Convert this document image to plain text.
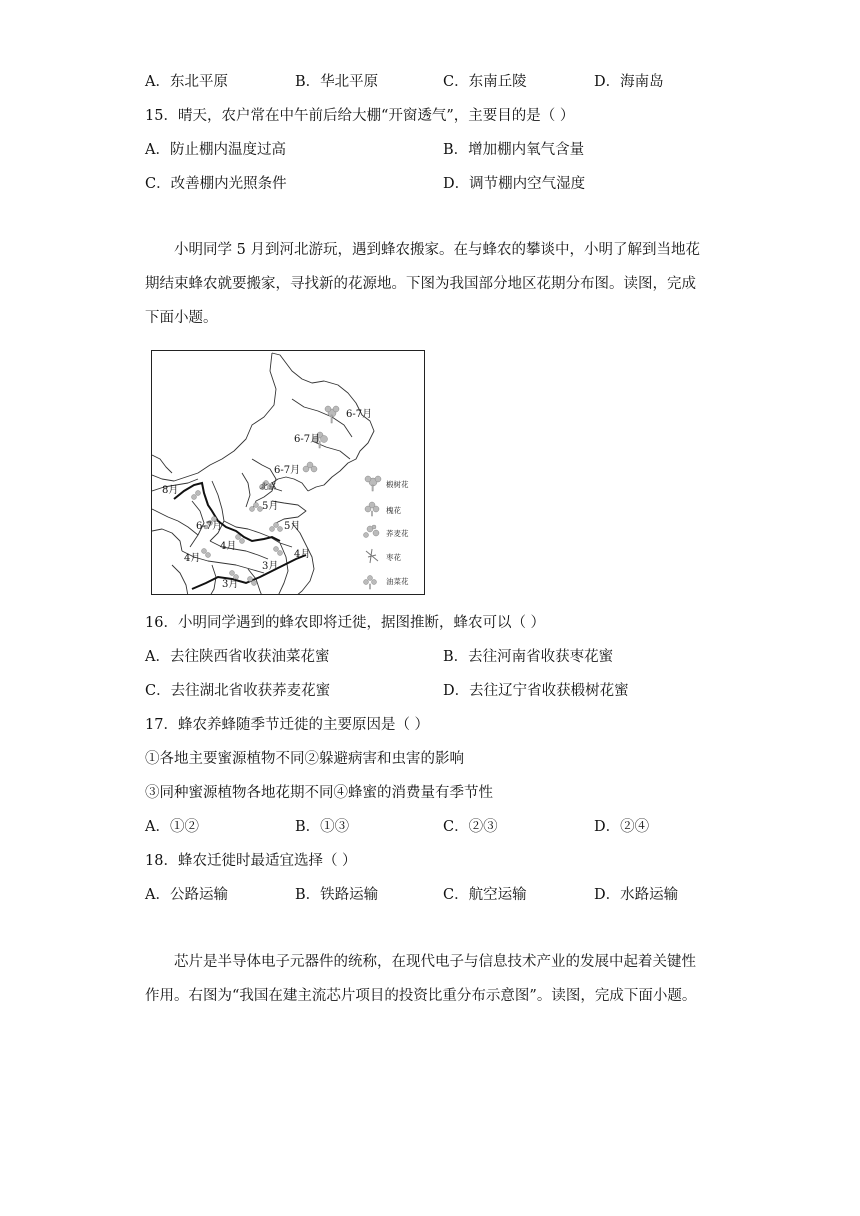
A．东北平原	B．华北平原	C．东南丘陵	D．海南岛
15．晴天，农户常在中午前后给大棚“开窗透气”，主要目的是（ ）
A．防止棚内温度过高	B．增加棚内氧气含量
C．改善棚内光照条件	D．调节棚内空气湿度
小明同学 5 月到河北游玩，遇到蜂农搬家。在与蜂农的攀谈中，小明了解到当地花
期结束蜂农就要搬家，寻找新的花源地。下图为我国部分地区花期分布图。读图，完成
下面小题。
6-7月
6-7月
6-7月
北京
8月
5月
5月
6-7月
4月
4月	4月
3月
3月
椴树花
槐花
荞麦花
枣花
油菜花
16．小明同学遇到的蜂农即将迁徙，据图推断，蜂农可以（ ）
A．去往陕西省收获油菜花蜜	B．去往河南省收获枣花蜜
C．去往湖北省收获荞麦花蜜	D．去往辽宁省收获椴树花蜜
17．蜂农养蜂随季节迁徙的主要原因是（ ）
①各地主要蜜源植物不同②躲避病害和虫害的影响
③同种蜜源植物各地花期不同④蜂蜜的消费量有季节性
A．①②	B．①③	C．②③	D．②④
18．蜂农迁徙时最适宜选择（ ）
A．公路运输	B．铁路运输	C．航空运输	D．水路运输
芯片是半导体电子元器件的统称，在现代电子与信息技术产业的发展中起着关键性
作用。右图为“我国在建主流芯片项目的投资比重分布示意图”。读图，完成下面小题。
